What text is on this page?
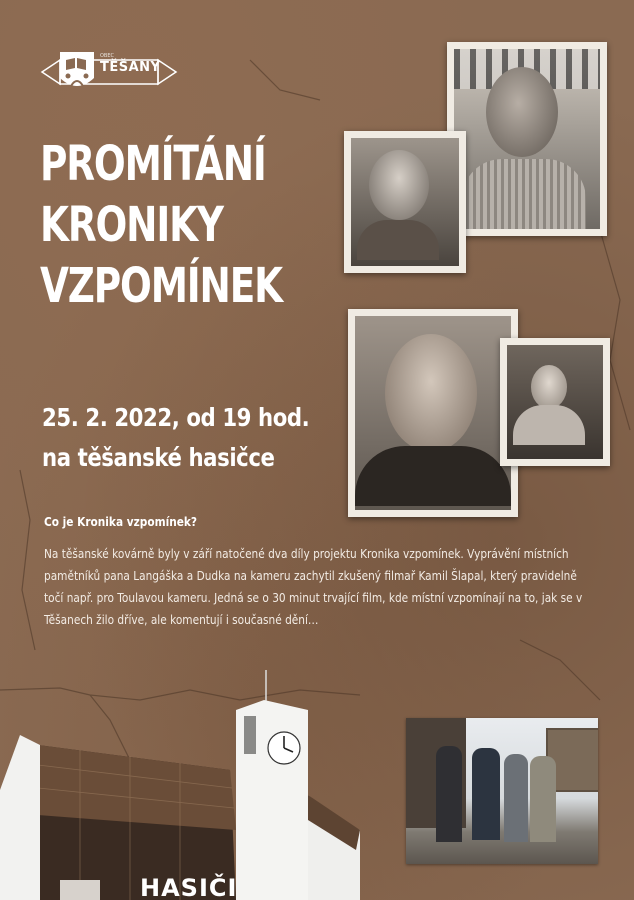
OBEC
TĚŠANY
PROMÍTÁNÍ
KRONIKY
VZPOMÍNEK
25. 2. 2022, od 19 hod.
na těšanské hasičce
Co je Kronika vzpomínek?

Na těšanské kovárně byly v září natočené dva díly projektu Kronika vzpomínek. Vyprávění místních pamětníků pana Langáška a Dudka na kameru zachytil zkušený filmař Kamil Šlapal, který pravidelně točí např. pro Toulavou kameru. Jedná se o 30 minut trvající film, kde místní vzpomínají na to, jak se v Těšanech žilo dříve, ale komentují i současné dění…

HASIČI
